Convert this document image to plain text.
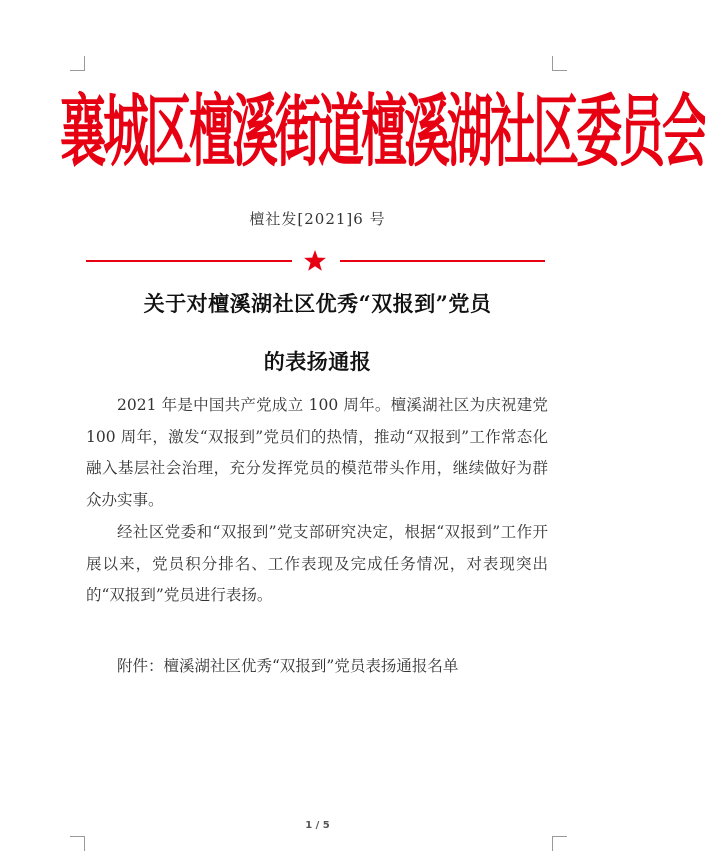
襄城区檀溪街道檀溪湖社区委员会
檀社发[2021]6 号
关于对檀溪湖社区优秀“双报到”党员
的表扬通报

2021 年是中国共产党成立 100 周年。檀溪湖社区为庆祝建党 100 周年，激发“双报到”党员们的热情，推动“双报到”工作常态化融入基层社会治理，充分发挥党员的模范带头作用，继续做好为群众办实事。

经社区党委和“双报到”党支部研究决定，根据“双报到”工作开展以来，党员积分排名、工作表现及完成任务情况，对表现突出的“双报到”党员进行表扬。

附件：檀溪湖社区优秀“双报到”党员表扬通报名单
1 / 5
